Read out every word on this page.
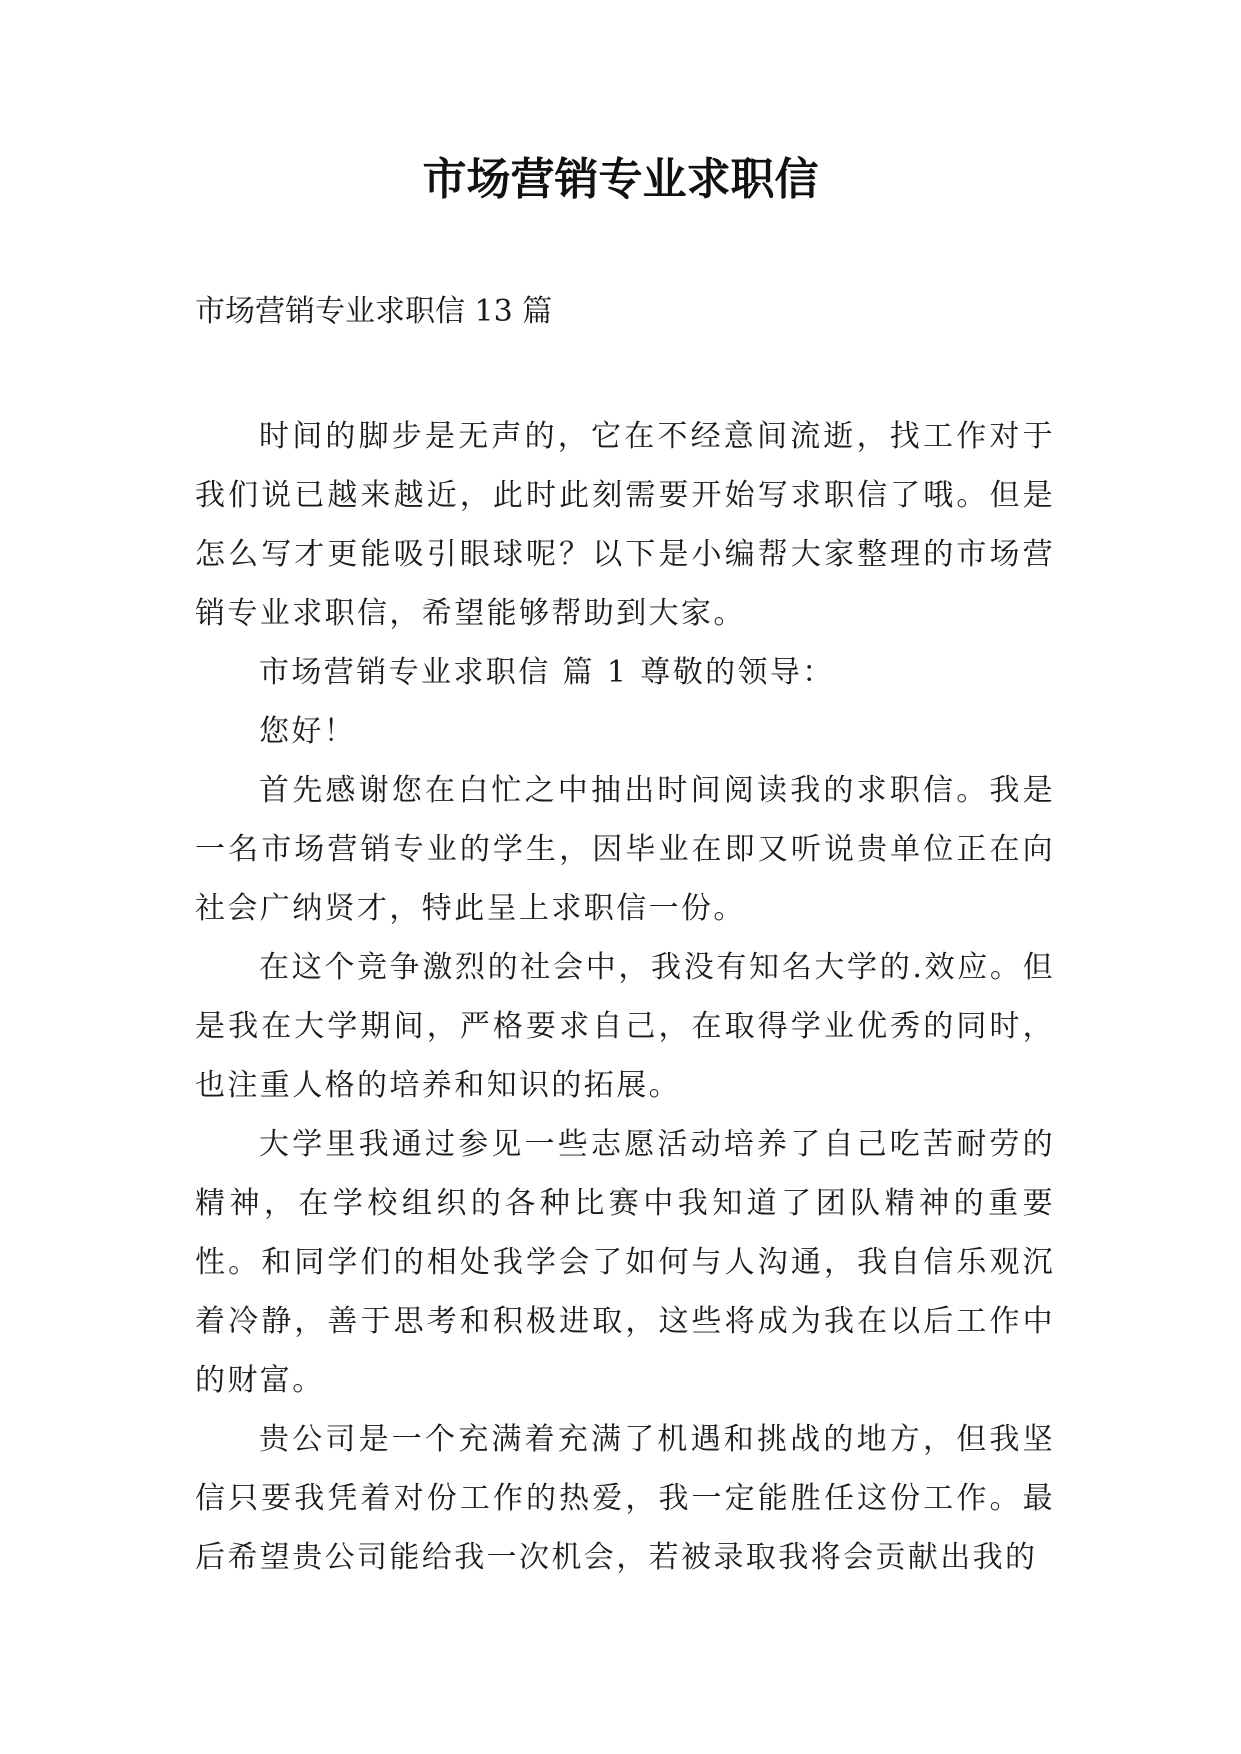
市场营销专业求职信

市场营销专业求职信 13 篇

时间的脚步是无声的，它在不经意间流逝，找工作对于我们说已越来越近，此时此刻需要开始写求职信了哦。但是怎么写才更能吸引眼球呢？以下是小编帮大家整理的市场营销专业求职信，希望能够帮助到大家。

市场营销专业求职信 篇 1 尊敬的领导：

您好！

首先感谢您在白忙之中抽出时间阅读我的求职信。我是一名市场营销专业的学生，因毕业在即又听说贵单位正在向社会广纳贤才，特此呈上求职信一份。

在这个竞争激烈的社会中，我没有知名大学的.效应。但是我在大学期间，严格要求自己，在取得学业优秀的同时，也注重人格的培养和知识的拓展。

大学里我通过参见一些志愿活动培养了自己吃苦耐劳的精神，在学校组织的各种比赛中我知道了团队精神的重要性。和同学们的相处我学会了如何与人沟通，我自信乐观沉着冷静，善于思考和积极进取，这些将成为我在以后工作中的财富。

贵公司是一个充满着充满了机遇和挑战的地方，但我坚信只要我凭着对份工作的热爱，我一定能胜任这份工作。最后希望贵公司能给我一次机会，若被录取我将会贡献出我的
